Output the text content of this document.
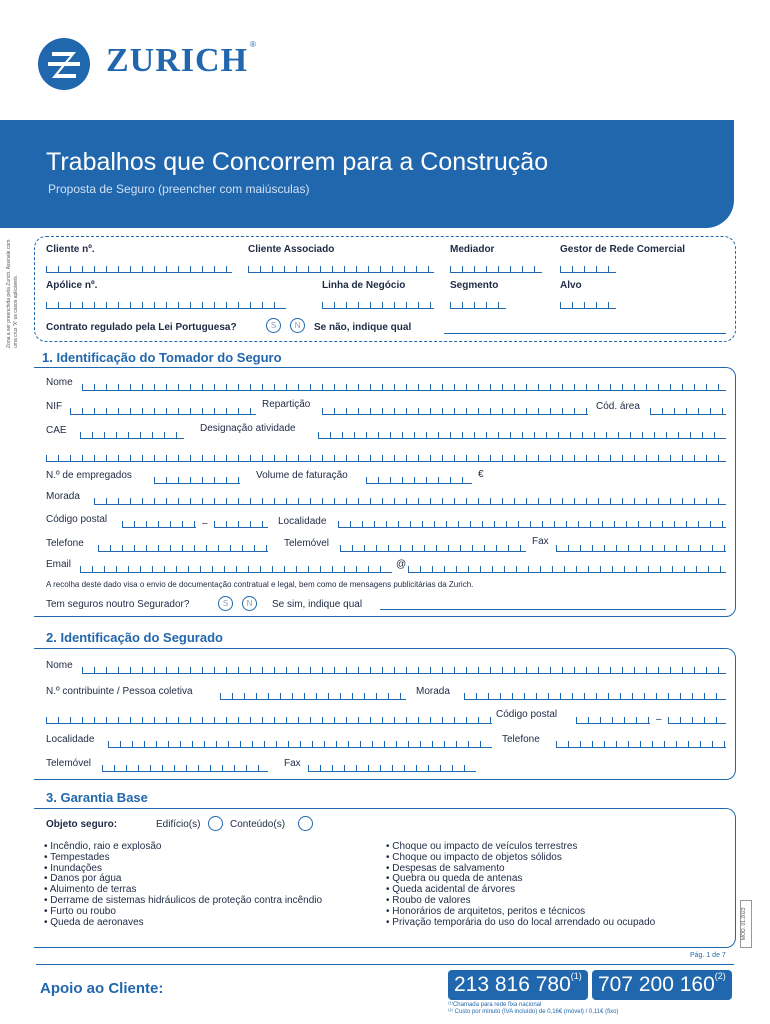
ZURICH ®
Trabalhos que Concorrem para a Construção
Proposta de Seguro (preencher com maiúsculas)
Zona a ser preenchida pela Zurich. Assinale com uma cruz 'X' os casos aplicáveis.
Cliente nº.	Cliente Associado	Mediador	Gestor de Rede Comercial
Apólice nº.	Linha de Negócio	Segmento	Alvo
Contrato regulado pela Lei Portuguesa?	S	N	Se não, indique qual
1. Identificação do Tomador do Seguro
Nome
NIF	Repartição	Cód. área
CAE	Designação atividade
N.º de empregados	Volume de faturação	€
Morada
Código postal	–	Localidade
Telefone	Telemóvel	Fax
Email	@
A recolha deste dado visa o envio de documentação contratual e legal, bem como de mensagens publicitárias da Zurich.
Tem seguros noutro Segurador?	S	N	Se sim, indique qual
2. Identificação do Segurado
Nome
N.º contribuinte / Pessoa coletiva	Morada
Código postal	–
Localidade	Telefone
Telemóvel	Fax
3. Garantia Base
Objeto seguro:	Edifício(s)	Conteúdo(s)
• Incêndio, raio e explosão
• Tempestades
• Inundações
• Danos por água
• Aluimento de terras
• Derrame de sistemas hidráulicos de proteção contra incêndio
• Furto ou roubo
• Queda de aeronaves
• Choque ou impacto de veículos terrestres
• Choque ou impacto de objetos sólidos
• Despesas de salvamento
• Quebra ou queda de antenas
• Queda acidental de árvores
• Roubo de valores
• Honorários de arquitetos, peritos e técnicos
• Privação temporária do uso do local arrendado ou ocupado	MOD. 01.2023
Pág. 1 de 7
Apoio ao Cliente:	213 816 780$^{(1)}$ 707 200 160$^{(2)}$
⁽¹⁾Chamada para rede fixa nacional
⁽²⁾ Custo por minuto (IVA incluído) de 0,16€ (móvel) / 0,11€ (fixo)
